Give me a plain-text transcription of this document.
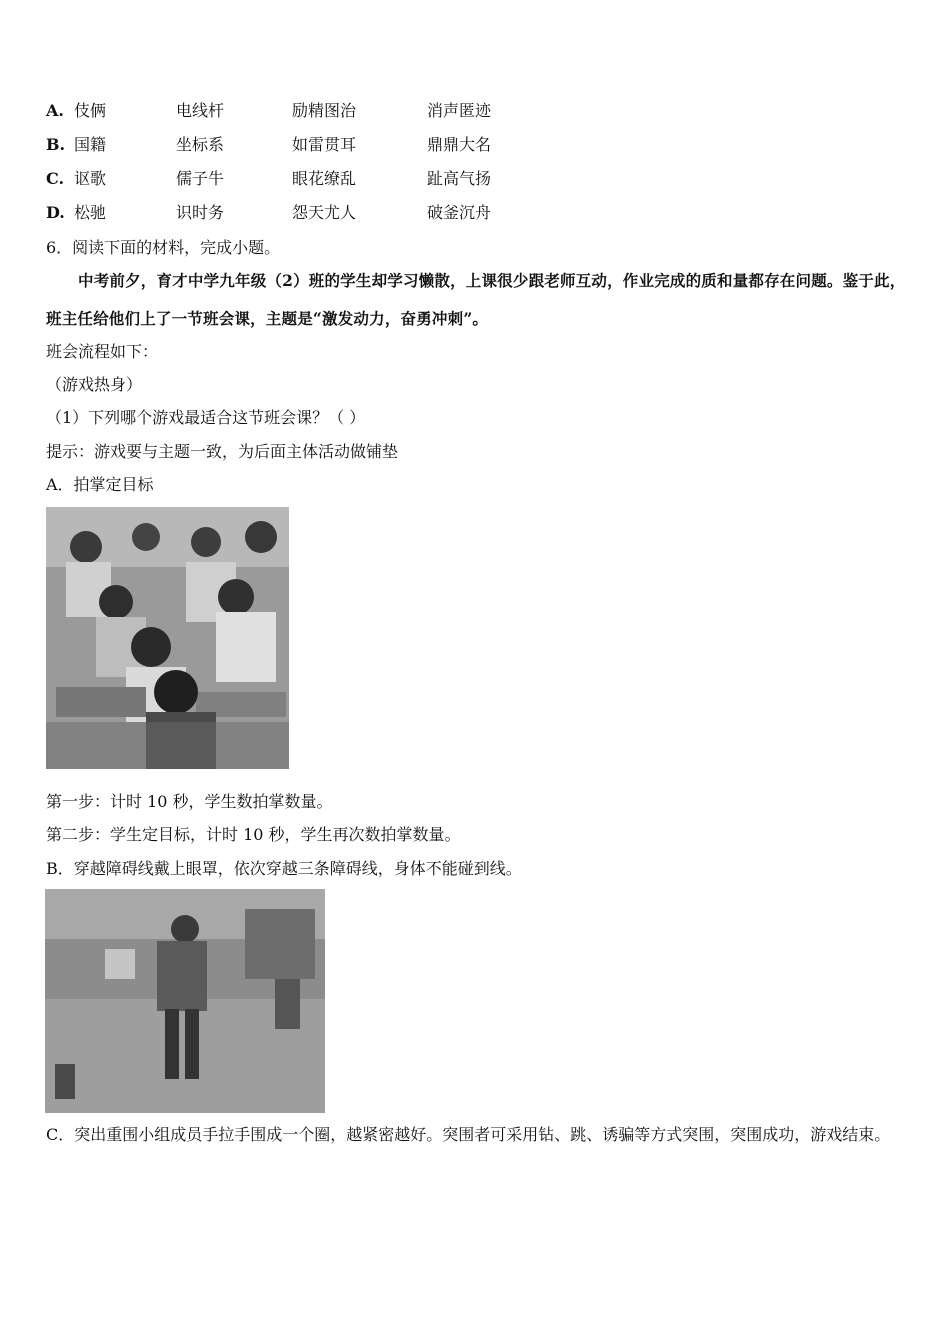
A. 伎俩	电线杆	励精图治	消声匿迹
B. 国籍	坐标系	如雷贯耳	鼎鼎大名
C. 讴歌	儒子牛	眼花缭乱	趾高气扬
D. 松驰	识时务	怨天尤人	破釜沉舟
6．阅读下面的材料，完成小题。
中考前夕，育才中学九年级（2）班的学生却学习懒散，上课很少跟老师互动，作业完成的质和量都存在问题。鉴于此，班主任给他们上了一节班会课，主题是“激发动力，奋勇冲刺”。
班会流程如下：
（游戏热身）
（1）下列哪个游戏最适合这节班会课？（ ）
提示：游戏要与主题一致，为后面主体活动做铺垫
A．拍掌定目标
第一步：计时 10 秒，学生数拍掌数量。
第二步：学生定目标，计时 10 秒，学生再次数拍掌数量。
B．穿越障碍线戴上眼罩，依次穿越三条障碍线，身体不能碰到线。
C．突出重围小组成员手拉手围成一个圈，越紧密越好。突围者可采用钻、跳、诱骗等方式突围，突围成功，游戏结束。
